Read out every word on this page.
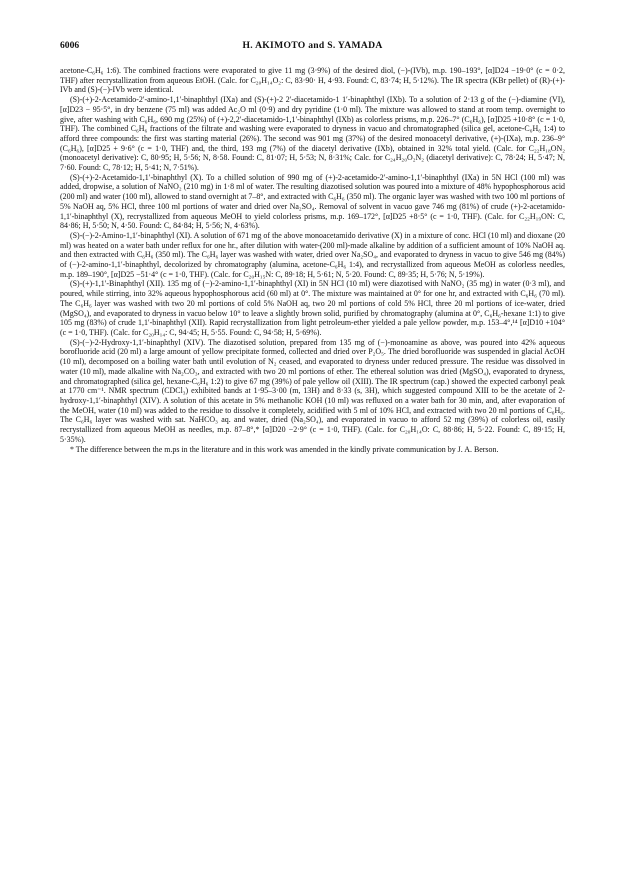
6006	H. AKIMOTO and S. YAMADA

acetone-C₆H₆ 1:6). The combined fractions were evaporated to give 11 mg (3·9%) of the desired diol, (−)-(IVb), m.p. 190–193°, [α]D24 −19·0° (c = 0·2, THF) after recrystallization from aqueous EtOH. (Calc. for C₂₀H₁₄O₂: C, 83·90· H, 4·93. Found: C, 83·74; H, 5·12%). The IR spectra (KBr pellet) of (R)-(+)-IVb and (S)-(−)-IVb were identical.

(S)-(+)-2-Acetamido-2′-amino-1,1′-binaphthyl (IXa) and (S)-(+)-2 2′-diacetamido-1 1′-binaphthyl (IXb). To a solution of 2·13 g of the (−)-diamine (VI), [α]D23 − 95·5°, in dry benzene (75 ml) was added Ac₂O ml (0·9) and dry pyridine (1·0 ml). The mixture was allowed to stand at room temp. overnight to give, after washing with C₆H₆, 690 mg (25%) of (+)-2,2′-diacetamido-1,1′-binaphthyl (IXb) as colorless prisms, m.p. 226–7° (C₆H₆), [α]D25 +10·8° (c = 1·0, THF). The combined C₆H₆ fractions of the filtrate and washing were evaporated to dryness in vacuo and chromatographed (silica gel, acetone-C₆H₆ 1:4) to afford three compounds: the first was starting material (26%). The second was 901 mg (37%) of the desired monoacetyl derivative, (+)-(IXa), m.p. 236–9° (C₆H₆), [α]D25 + 9·6° (c = 1·0, THF) and, the third, 193 mg (7%) of the diacetyl derivative (IXb), obtained in 32% total yield. (Calc. for C₂₂H₁₈ON₂ (monoacetyl derivative): C, 80·95; H, 5·56; N, 8·58. Found: C, 81·07; H, 5·53; N, 8·31%; Calc. for C₂₄H₂₀O₂N₂ (diacetyl derivative): C, 78·24; H, 5·47; N, 7·60. Found: C, 78·12; H, 5·41; N, 7·51%).

(S)-(+)-2-Acetamido-1,1′-binaphthyl (X). To a chilled solution of 990 mg of (+)-2-acetamido-2′-amino-1,1′-binaphthyl (IXa) in 5N HCl (100 ml) was added, dropwise, a solution of NaNO₂ (210 mg) in 1·8 ml of water. The resulting diazotised solution was poured into a mixture of 48% hypophosphorous acid (200 ml) and water (100 ml), allowed to stand overnight at 7–8°, and extracted with C₆H₆ (350 ml). The organic layer was washed with two 100 ml portions of 5% NaOH aq, 5% HCl, three 100 ml portions of water and dried over Na₂SO₄. Removal of solvent in vacuo gave 746 mg (81%) of crude (+)-2-acetamido-1,1′-binaphthyl (X), recrystallized from aqueous MeOH to yield colorless prisms, m.p. 169–172°, [α]D25 +8·5° (c = 1·0, THF). (Calc. for C₂₂H₁₉ON: C, 84·86; H, 5·50; N, 4·50. Found: C, 84·84; H, 5·56; N, 4·63%).

(S)-(−)-2-Amino-1,1′-binaphthyl (XI). A solution of 671 mg of the above monoacetamido derivative (X) in a mixture of conc. HCl (10 ml) and dioxane (20 ml) was heated on a water bath under reflux for one hr., after dilution with water-(200 ml)-made alkaline by addition of a sufficient amount of 10% NaOH aq. and then extracted with C₆H₆ (350 ml). The C₆H₆ layer was washed with water, dried over Na₂SO₄, and evaporated to dryness in vacuo to give 546 mg (84%) of (−)-2-amino-1,1′-binaphthyl, decolorized by chromatography (alumina, acetone-C₆H₆ 1:4), and recrystallized from aqueous MeOH as colorless needles, m.p. 189–190°, [α]D25 −51·4° (c = 1·0, THF). (Calc. for C₂₀H₁₅N: C, 89·18; H, 5·61; N, 5·20. Found: C, 89·35; H, 5·76; N, 5·19%).

(S)-(+)-1,1′-Binaphthyl (XII). 135 mg of (−)-2-amino-1,1′-binaphthyl (XI) in 5N HCl (10 ml) were diazotised with NaNO₂ (35 mg) in water (0·3 ml), and poured, while stirring, into 32% aqueous hypophosphorous acid (60 ml) at 0°. The mixture was maintained at 0° for one hr, and extracted with C₆H₆ (70 ml). The C₆H₆ layer was washed with two 20 ml portions of cold 5% NaOH aq, two 20 ml portions of cold 5% HCl, three 20 ml portions of ice-water, dried (MgSO₄), and evaporated to dryness in vacuo below 10° to leave a slightly brown solid, purified by chromatography (alumina at 0°, C₆H₆-hexane 1:1) to give 105 mg (83%) of crude 1,1′-binaphthyl (XII). Rapid recrystallization from light petroleum-ether yielded a pale yellow powder, m.p. 153–4°,¹⁴ [α]D10 +104° (c = 1·0, THF). (Calc. for C₂₀H₁₄: C, 94·45; H, 5·55. Found: C, 94·58; H, 5·69%).

(S)-(−)-2-Hydroxy-1,1′-binaphthyl (XIV). The diazotised solution, prepared from 135 mg of (−)-monoamine as above, was poured into 42% aqueous borofluoride acid (20 ml) a large amount of yellow precipitate formed, collected and dried over P₂O₅. The dried borofluoride was suspended in glacial AcOH (10 ml), decomposed on a boiling water bath until evolution of N₂ ceased, and evaporated to dryness under reduced pressure. The residue was dissolved in water (10 ml), made alkaline with Na₂CO₃, and extracted with two 20 ml portions of ether. The ethereal solution was dried (MgSO₄), evaporated to dryness, and chromatographed (silica gel, hexane-C₆H₆ 1:2) to give 67 mg (39%) of pale yellow oil (XIII). The IR spectrum (cap.) showed the expected carbonyl peak at 1770 cm⁻¹. NMR spectrum (CDCl₃) exhibited bands at 1·95–3·00 (m, 13H) and 8·33 (s, 3H), which suggested compound XIII to be the acetate of 2-hydroxy-1,1′-binaphthyl (XIV). A solution of this acetate in 5% methanolic KOH (10 ml) was refluxed on a water bath for 30 min, and, after evaporation of the MeOH, water (10 ml) was added to the residue to dissolve it completely, acidified with 5 ml of 10% HCl, and extracted with two 20 ml portions of C₆H₆. The C₆H₆ layer was washed with sat. NaHCO₃ aq. and water, dried (Na₂SO₄), and evaporated in vacuo to afford 52 mg (39%) of colorless oil, easily recrystallized from aqueous MeOH as needles, m.p. 87–8°,* [α]D20 −2·9° (c = 1·0, THF). (Calc. for C₂₀H₁₄O: C, 88·86; H, 5·22. Found: C, 89·15; H, 5·35%).

* The difference between the m.ps in the literature and in this work was amended in the kindly private communication by J. A. Berson.
